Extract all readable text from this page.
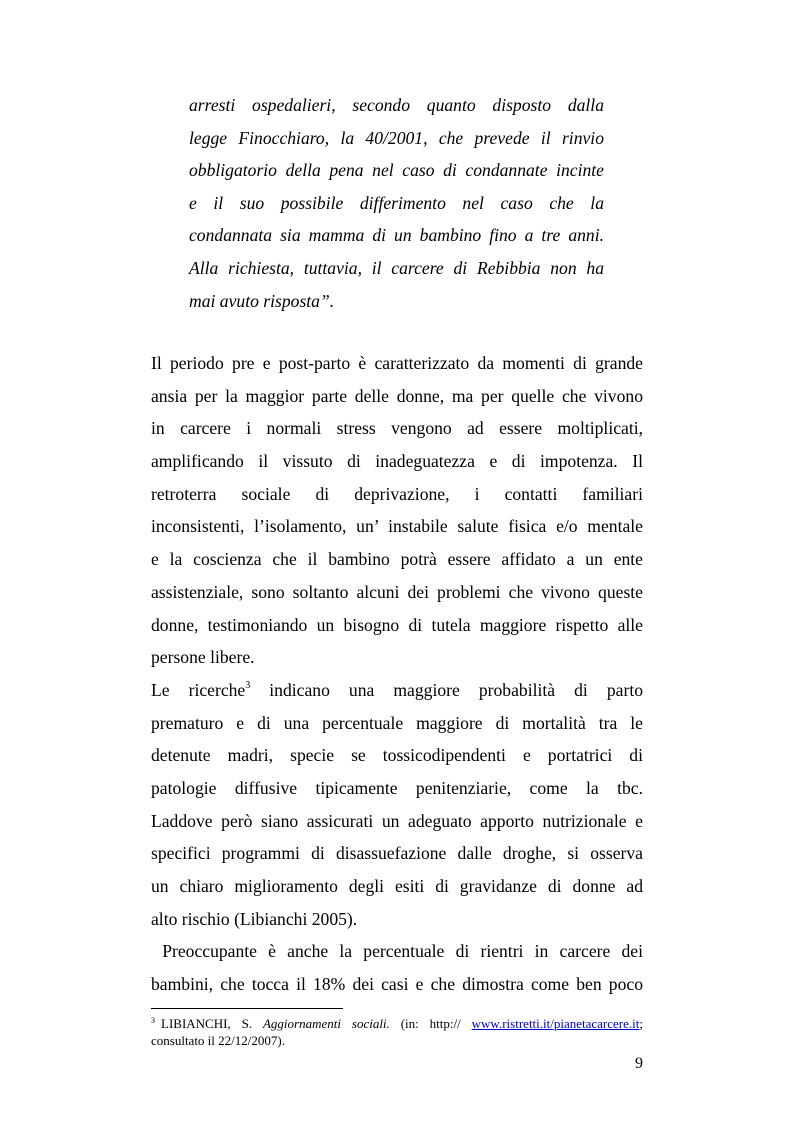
arresti ospedalieri, secondo quanto disposto dalla
legge Finocchiaro, la 40/2001, che prevede il rinvio
obbligatorio della pena nel caso di condannate incinte
e il suo possibile differimento nel caso che la
condannata sia mamma di un bambino fino a tre anni.
Alla richiesta, tuttavia, il carcere di Rebibbia non ha
mai avuto risposta”.
Il periodo pre e post-parto è caratterizzato da momenti di grande
ansia per la maggior parte delle donne, ma per quelle che vivono
in carcere i normali stress vengono ad essere moltiplicati,
amplificando il vissuto di inadeguatezza e di impotenza. Il
retroterra sociale di deprivazione, i contatti familiari
inconsistenti, l’isolamento, un’ instabile salute fisica e/o mentale
e la coscienza che il bambino potrà essere affidato a un ente
assistenziale, sono soltanto alcuni dei problemi che vivono queste
donne, testimoniando un bisogno di tutela maggiore rispetto alle
persone libere.
Le ricerche$^3$ indicano una maggiore probabilità di parto
prematuro e di una percentuale maggiore di mortalità tra le
detenute madri, specie se tossicodipendenti e portatrici di
patologie diffusive tipicamente penitenziarie, come la tbc.
Laddove però siano assicurati un adeguato apporto nutrizionale e
specifici programmi di disassuefazione dalle droghe, si osserva
un chiaro miglioramento degli esiti di gravidanze di donne ad
alto rischio (Libianchi 2005).
Preoccupante è anche la percentuale di rientri in carcere dei
bambini, che tocca il 18% dei casi e che dimostra come ben poco
$^3$ LIBIANCHI, S. Aggiornamenti sociali. (in: http:// www.ristretti.it/pianetacarcere.it;
consultato il 22/12/2007).
9
